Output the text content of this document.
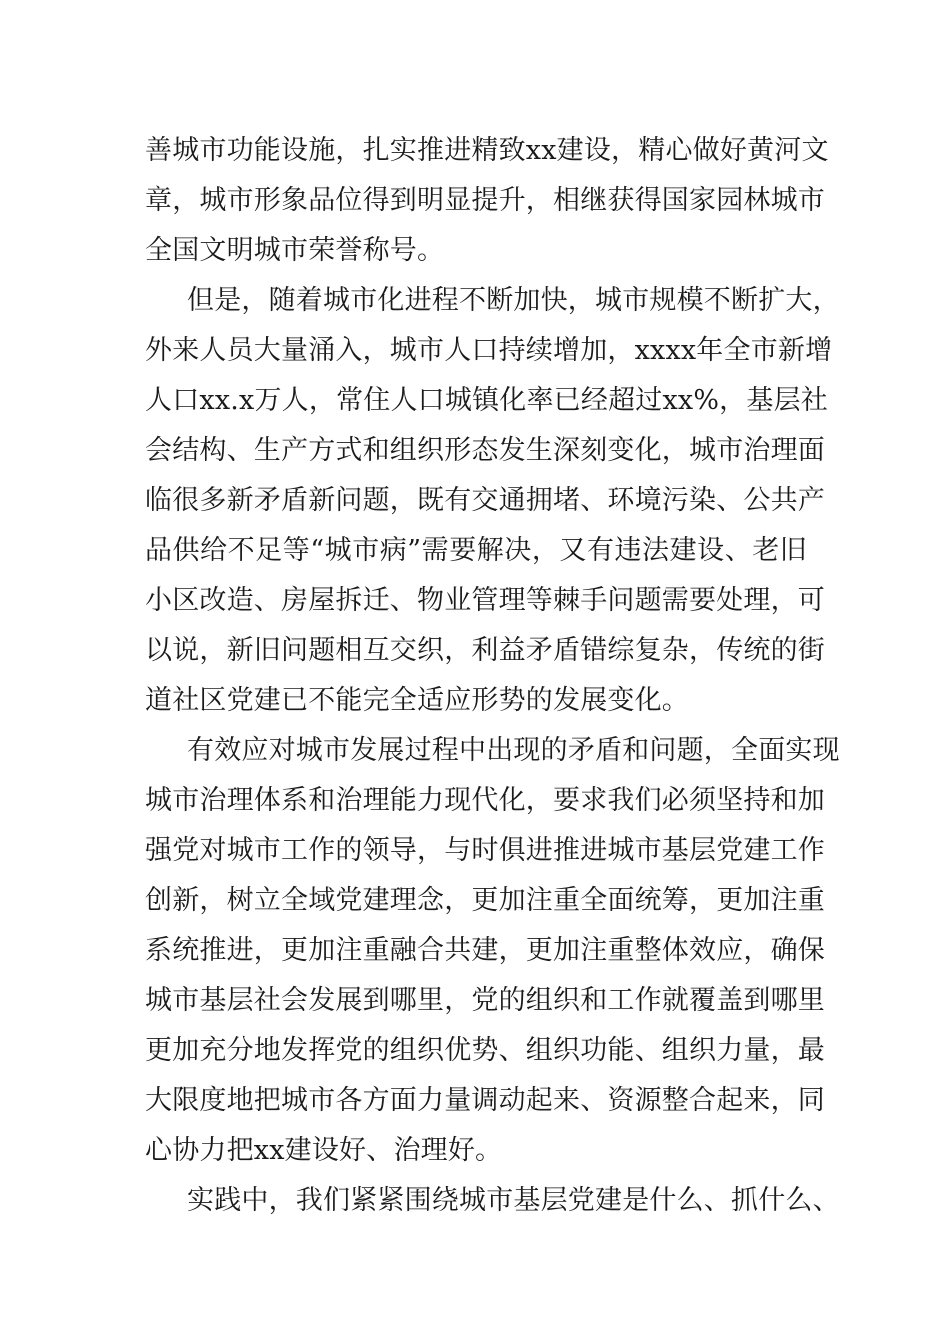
善城市功能设施，扎实推进精致xx建设，精心做好黄河文
章，城市形象品位得到明显提升，相继获得国家园林城市
全国文明城市荣誉称号。
但是，随着城市化进程不断加快，城市规模不断扩大，
外来人员大量涌入，城市人口持续增加，xxxx年全市新增
人口xx.x万人，常住人口城镇化率已经超过xx%，基层社
会结构、生产方式和组织形态发生深刻变化，城市治理面
临很多新矛盾新问题，既有交通拥堵、环境污染、公共产
品供给不足等“城市病”需要解决，又有违法建设、老旧
小区改造、房屋拆迁、物业管理等棘手问题需要处理，可
以说，新旧问题相互交织，利益矛盾错综复杂，传统的街
道社区党建已不能完全适应形势的发展变化。
有效应对城市发展过程中出现的矛盾和问题，全面实现
城市治理体系和治理能力现代化，要求我们必须坚持和加
强党对城市工作的领导，与时俱进推进城市基层党建工作
创新，树立全域党建理念，更加注重全面统筹，更加注重
系统推进，更加注重融合共建，更加注重整体效应，确保
城市基层社会发展到哪里，党的组织和工作就覆盖到哪里
更加充分地发挥党的组织优势、组织功能、组织力量，最
大限度地把城市各方面力量调动起来、资源整合起来，同
心协力把xx建设好、治理好。
实践中，我们紧紧围绕城市基层党建是什么、抓什么、
